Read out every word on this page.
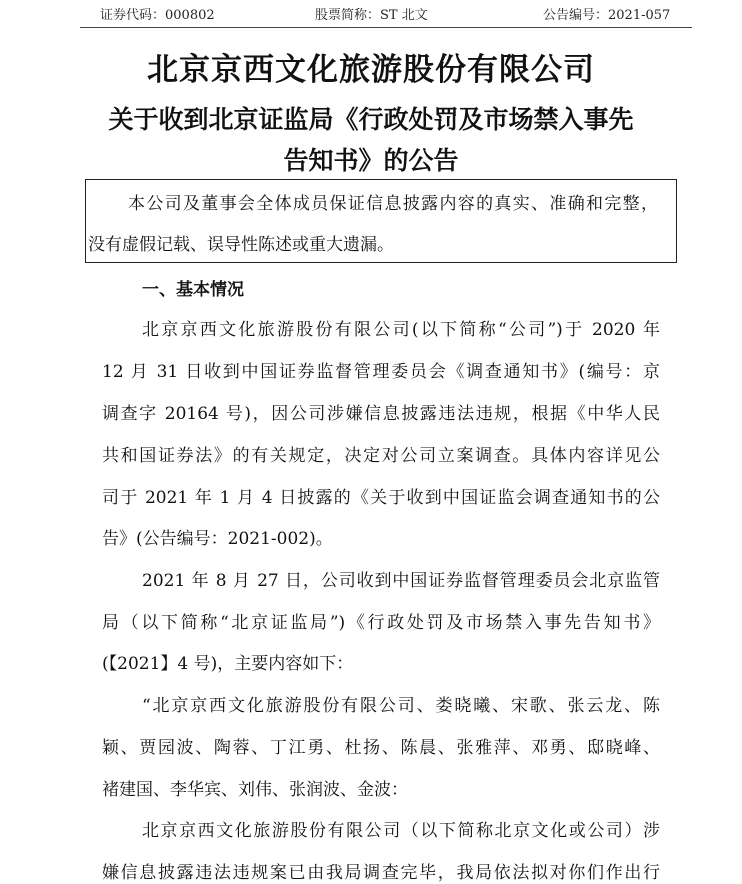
证券代码：000802	股票简称：ST 北文	公告编号：2021-057
北京京西文化旅游股份有限公司
关于收到北京证监局《行政处罚及市场禁入事先
告知书》的公告
本公司及董事会全体成员保证信息披露内容的真实、准确和完整，
没有虚假记载、误导性陈述或重大遗漏。
一、基本情况
北京京西文化旅游股份有限公司(以下简称“公司”)于 2020 年
12 月 31 日收到中国证券监督管理委员会《调查通知书》(编号：京
调查字 20164 号)，因公司涉嫌信息披露违法违规，根据《中华人民
共和国证券法》的有关规定，决定对公司立案调查。具体内容详见公
司于 2021 年 1 月 4 日披露的《关于收到中国证监会调查通知书的公
告》(公告编号：2021-002)。
2021 年 8 月 27 日，公司收到中国证券监督管理委员会北京监管
局（以下简称“北京证监局”)《行政处罚及市场禁入事先告知书》
(【2021】4 号)，主要内容如下：
“北京京西文化旅游股份有限公司、娄晓曦、宋歌、张云龙、陈
颖、贾园波、陶蓉、丁江勇、杜扬、陈晨、张雅萍、邓勇、邸晓峰、
褚建国、李华宾、刘伟、张润波、金波：
北京京西文化旅游股份有限公司（以下简称北京文化或公司）涉
嫌信息披露违法违规案已由我局调查完毕，我局依法拟对你们作出行
